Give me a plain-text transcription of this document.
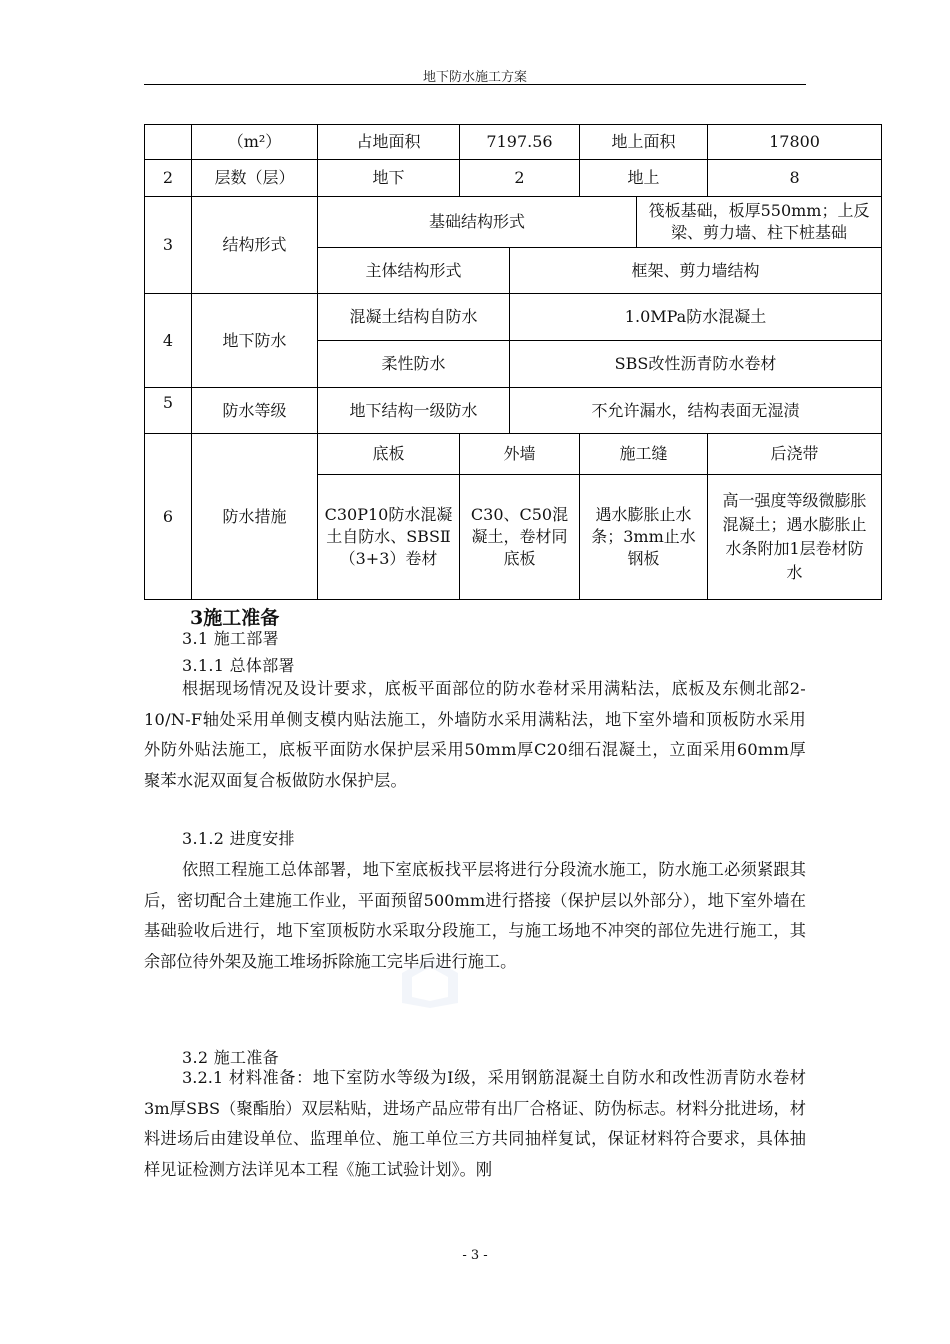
地下防水施工方案
	（m²）	占地面积	7197.56		地上面积		17800
2	层数（层）	地下	2		地上		8
3	结构形式	基础结构形式				筏板基础，板厚550mm；上反梁、剪力墙、柱下桩基础	
		主体结构形式		框架、剪力墙结构			
4	地下防水	混凝土结构自防水		1.0MPa防水混凝土			
		柔性防水		SBS改性沥青防水卷材			
5	防水等级	地下结构一级防水		不允许漏水，结构表面无湿渍			
6	防水措施	底板	外墙		施工缝		后浇带
		C30P10防水混凝土自防水、SBSⅡ（3+3）卷材	C30、C50混凝土，卷材同底板		遇水膨胀止水条；3mm止水钢板		高一强度等级微膨胀混凝土；遇水膨胀止水条附加1层卷材防水
3施工准备
3.1 施工部署
3.1.1 总体部署
根据现场情况及设计要求，底板平面部位的防水卷材采用满粘法，底板及东侧北部2-10/N-F轴处采用单侧支模内贴法施工，外墙防水采用满粘法，地下室外墙和顶板防水采用外防外贴法施工，底板平面防水保护层采用50mm厚C20细石混凝土，立面采用60mm厚聚苯水泥双面复合板做防水保护层。
3.1.2 进度安排
依照工程施工总体部署，地下室底板找平层将进行分段流水施工，防水施工必须紧跟其后，密切配合土建施工作业，平面预留500mm进行搭接（保护层以外部分），地下室外墙在基础验收后进行，地下室顶板防水采取分段施工，与施工场地不冲突的部位先进行施工，其余部位待外架及施工堆场拆除施工完毕后进行施工。
3.2 施工准备
3.2.1 材料准备：地下室防水等级为Ⅰ级，采用钢筋混凝土自防水和改性沥青防水卷材3m厚SBS（聚酯胎）双层粘贴，进场产品应带有出厂合格证、防伪标志。材料分批进场，材料进场后由建设单位、监理单位、施工单位三方共同抽样复试，保证材料符合要求，具体抽样见证检测方法详见本工程《施工试验计划》。刚
- 3 -
